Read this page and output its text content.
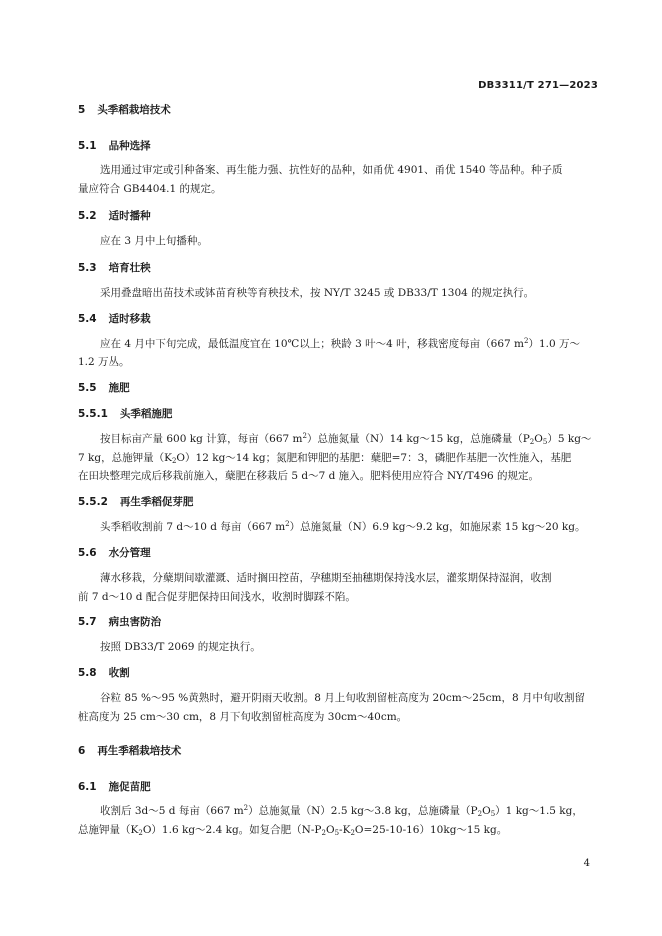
DB3311/T 271—2023
5 头季稻栽培技术
5.1 品种选择
选用通过审定或引种备案、再生能力强、抗性好的品种，如甬优 4901、甬优 1540 等品种。种子质
量应符合 GB4404.1 的规定。
5.2 适时播种
应在 3 月中上旬播种。
5.3 培育壮秧
采用叠盘暗出苗技术或钵苗育秧等育秧技术，按 NY/T 3245 或 DB33/T 1304 的规定执行。
5.4 适时移栽
应在 4 月中下旬完成，最低温度宜在 10℃以上；秧龄 3 叶～4 叶，移栽密度每亩（667 $m^2)1.0$ 万～
1.2 万丛。
5.5 施肥
5.5.1 头季稻施肥
按目标亩产量 600 kg 计算，每亩（667 $m^2$）总施氮量（N）14 kg～15 kg，总施磷量$(P_2O_5)5$ kg～
7 kg，总施钾量$(K_2O)12$ kg～14 kg；氮肥和钾肥的基肥：蘖肥=7：3，磷肥作基肥一次性施入，基肥
在田块整理完成后移栽前施入，蘖肥在移栽后 5 d～7 d 施入。肥料使用应符合 NY/T496 的规定。
5.5.2 再生季稻促芽肥
头季稻收割前 7 d～10 d 每亩（667 $m^2$）总施氮量（N）6.9 kg～9.2 kg，如施尿素 15 kg～20 kg。
5.6 水分管理
薄水移栽，分蘖期间歇灌溉、适时搁田控苗，孕穗期至抽穗期保持浅水层，灌浆期保持湿润，收割
前 7 d～10 d 配合促芽肥保持田间浅水，收割时脚踩不陷。
5.7 病虫害防治
按照 DB33/T 2069 的规定执行。
5.8 收割
谷粒 85 %～95 %黄熟时，避开阴雨天收割。8 月上旬收割留桩高度为 20cm～25cm，8 月中旬收割留
桩高度为 25 cm～30 cm，8 月下旬收割留桩高度为 30cm～40cm。
6 再生季稻栽培技术
6.1 施促苗肥
收割后 3d～5 d 每亩（667 $m^2$）总施氮量（N）2.5 kg～3.8 kg，总施磷量$(P_2O_5)1$ kg～1.5 kg，
总施钾量$(K_2O)1.6$ kg～2.4 kg。如复合肥$(N-P_2O_5-K_2O=25-10-16)10kg\sim 15$ kg。
4
